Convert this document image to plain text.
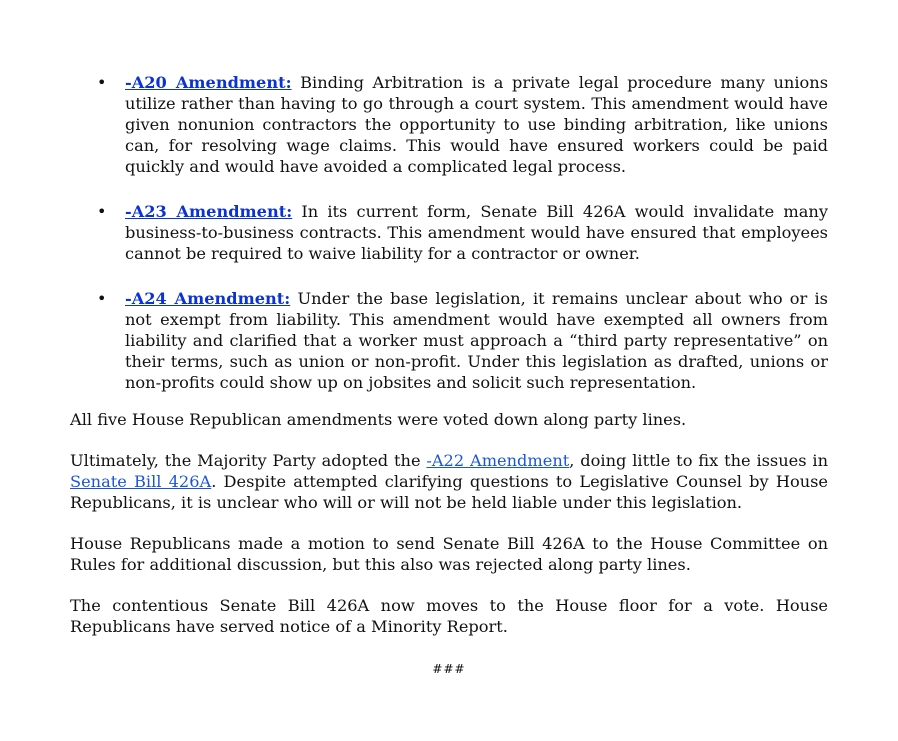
• -A20 Amendment: Binding Arbitration is a private legal procedure many unions utilize rather than having to go through a court system. This amendment would have given nonunion contractors the opportunity to use binding arbitration, like unions can, for resolving wage claims. This would have ensured workers could be paid quickly and would have avoided a complicated legal process.
• -A23 Amendment: In its current form, Senate Bill 426A would invalidate many business-to-business contracts. This amendment would have ensured that employees cannot be required to waive liability for a contractor or owner.
• -A24 Amendment: Under the base legislation, it remains unclear about who or is not exempt from liability. This amendment would have exempted all owners from liability and clarified that a worker must approach a “third party representative” on their terms, such as union or non-profit. Under this legislation as drafted, unions or non-profits could show up on jobsites and solicit such representation.

All five House Republican amendments were voted down along party lines.

Ultimately, the Majority Party adopted the -A22 Amendment, doing little to fix the issues in Senate Bill 426A. Despite attempted clarifying questions to Legislative Counsel by House Republicans, it is unclear who will or will not be held liable under this legislation.

House Republicans made a motion to send Senate Bill 426A to the House Committee on Rules for additional discussion, but this also was rejected along party lines.

The contentious Senate Bill 426A now moves to the House floor for a vote. House Republicans have served notice of a Minority Report.

###
